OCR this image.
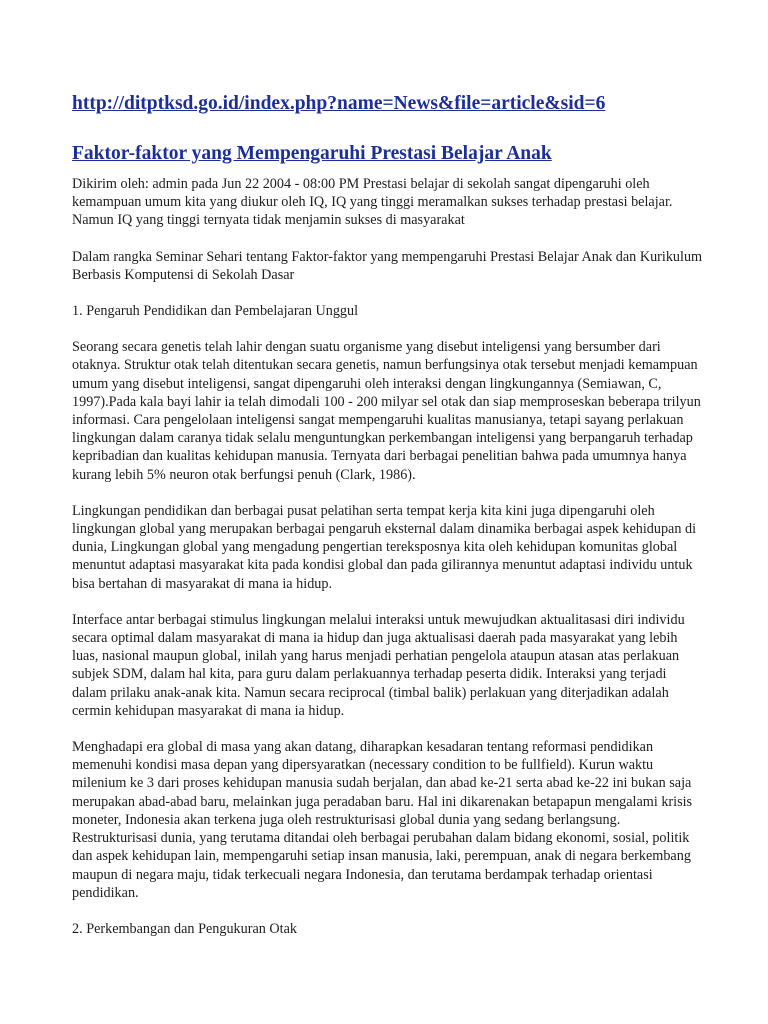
http://ditptksd.go.id/index.php?name=News&file=article&sid=6
Faktor-faktor yang Mempengaruhi Prestasi Belajar Anak

Dikirim oleh: admin pada Jun 22 2004 - 08:00 PM Prestasi belajar di sekolah sangat dipengaruhi oleh kemampuan umum kita yang diukur oleh IQ, IQ yang tinggi meramalkan sukses terhadap prestasi belajar. Namun IQ yang tinggi ternyata tidak menjamin sukses di masyarakat

Dalam rangka Seminar Sehari tentang Faktor-faktor yang mempengaruhi Prestasi Belajar Anak dan Kurikulum Berbasis Komputensi di Sekolah Dasar

1. Pengaruh Pendidikan dan Pembelajaran Unggul

Seorang secara genetis telah lahir dengan suatu organisme yang disebut inteligensi yang bersumber dari otaknya. Struktur otak telah ditentukan secara genetis, namun berfungsinya otak tersebut menjadi kemampuan umum yang disebut inteligensi, sangat dipengaruhi oleh interaksi dengan lingkungannya (Semiawan, C, 1997).Pada kala bayi lahir ia telah dimodali 100 - 200 milyar sel otak dan siap memproseskan beberapa trilyun informasi. Cara pengelolaan inteligensi sangat mempengaruhi kualitas manusianya, tetapi sayang perlakuan lingkungan dalam caranya tidak selalu menguntungkan perkembangan inteligensi yang berpangaruh terhadap kepribadian dan kualitas kehidupan manusia. Ternyata dari berbagai penelitian bahwa pada umumnya hanya kurang lebih 5% neuron otak berfungsi penuh (Clark, 1986).

Lingkungan pendidikan dan berbagai pusat pelatihan serta tempat kerja kita kini juga dipengaruhi oleh lingkungan global yang merupakan berbagai pengaruh eksternal dalam dinamika berbagai aspek kehidupan di dunia, Lingkungan global yang mengadung pengertian tereksposnya kita oleh kehidupan komunitas global menuntut adaptasi masyarakat kita pada kondisi global dan pada gilirannya menuntut adaptasi individu untuk bisa bertahan di masyarakat di mana ia hidup.

Interface antar berbagai stimulus lingkungan melalui interaksi untuk mewujudkan aktualitasasi diri individu secara optimal dalam masyarakat di mana ia hidup dan juga aktualisasi daerah pada masyarakat yang lebih luas, nasional maupun global, inilah yang harus menjadi perhatian pengelola ataupun atasan atas perlakuan subjek SDM, dalam hal kita, para guru dalam perlakuannya terhadap peserta didik. Interaksi yang terjadi dalam prilaku anak-anak kita. Namun secara reciprocal (timbal balik) perlakuan yang diterjadikan adalah cermin kehidupan masyarakat di mana ia hidup.

Menghadapi era global di masa yang akan datang, diharapkan kesadaran tentang reformasi pendidikan memenuhi kondisi masa depan yang dipersyaratkan (necessary condition to be fullfield). Kurun waktu milenium ke 3 dari proses kehidupan manusia sudah berjalan, dan abad ke-21 serta abad ke-22 ini bukan saja merupakan abad-abad baru, melainkan juga peradaban baru. Hal ini dikarenakan betapapun mengalami krisis moneter, Indonesia akan terkena juga oleh restrukturisasi global dunia yang sedang berlangsung. Restrukturisasi dunia, yang terutama ditandai oleh berbagai perubahan dalam bidang ekonomi, sosial, politik dan aspek kehidupan lain, mempengaruhi setiap insan manusia, laki, perempuan, anak di negara berkembang maupun di negara maju, tidak terkecuali negara Indonesia, dan terutama berdampak terhadap orientasi pendidikan.

2. Perkembangan dan Pengukuran Otak
